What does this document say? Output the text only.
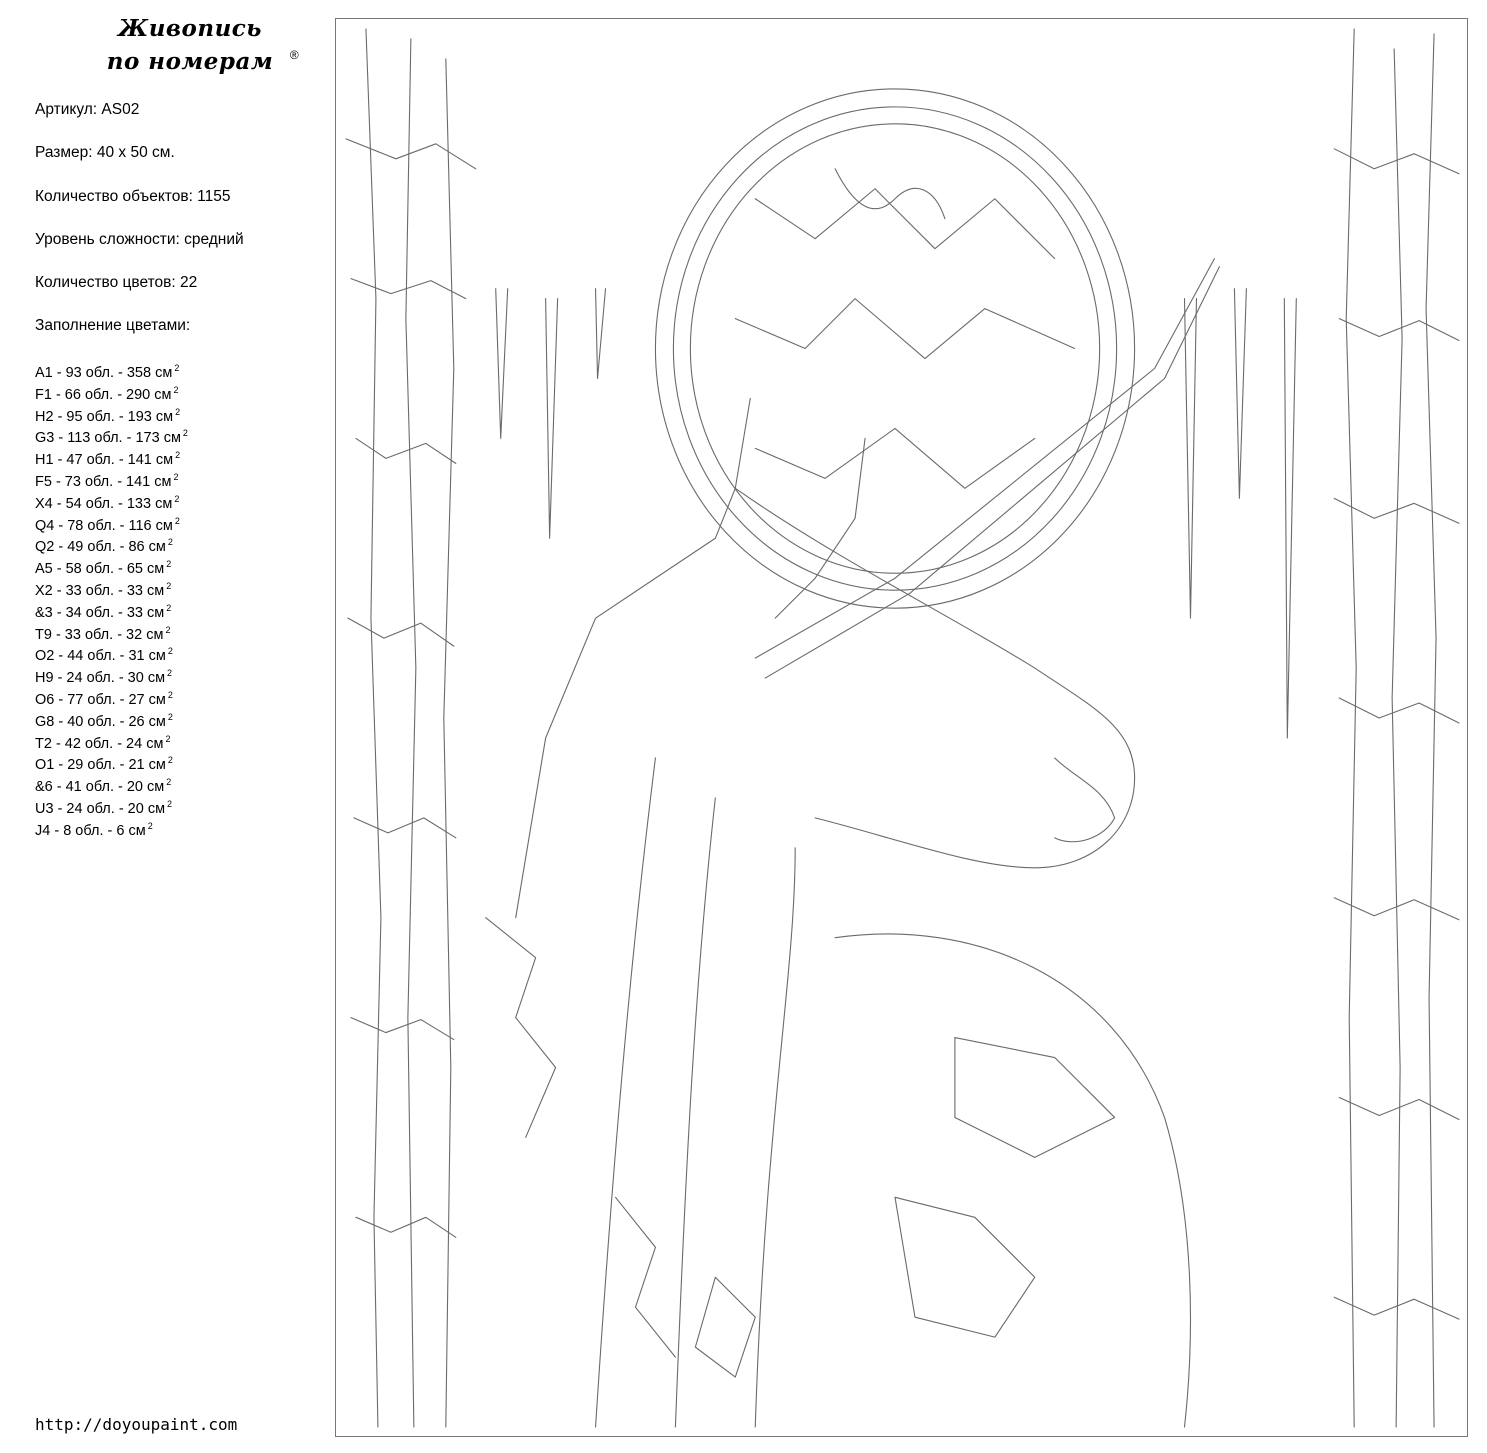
Живопись
по номерам ®
Артикул: AS02
Размер: 40 х 50 см.
Количество объектов: 1155
Уровень сложности: средний
Количество цветов: 22
Заполнение цветами:
A1 - 93 обл. - 358 см $^2$
F1 - 66 обл. - 290 см $^2$
H2 - 95 обл. - 193 см $^2$
G3 - 113 обл. - 173 см $^2$
H1 - 47 обл. - 141 см $^2$
F5 - 73 обл. - 141 см $^2$
X4 - 54 обл. - 133 см $^2$
Q4 - 78 обл. - 116 см $^2$
Q2 - 49 обл. - 86 см $^2$
A5 - 58 обл. - 65 см $^2$
X2 - 33 обл. - 33 см $^2$
&3 - 34 обл. - 33 см $^2$
T9 - 33 обл. - 32 см $^2$
O2 - 44 обл. - 31 см $^2$
H9 - 24 обл. - 30 см $^2$
O6 - 77 обл. - 27 см $^2$
G8 - 40 обл. - 26 см $^2$
T2 - 42 обл. - 24 см $^2$
O1 - 29 обл. - 21 см $^2$
&6 - 41 обл. - 20 см $^2$
U3 - 24 обл. - 20 см $^2$
J4 - 8 обл. - 6 см $^2$
http://doyoupaint.com
